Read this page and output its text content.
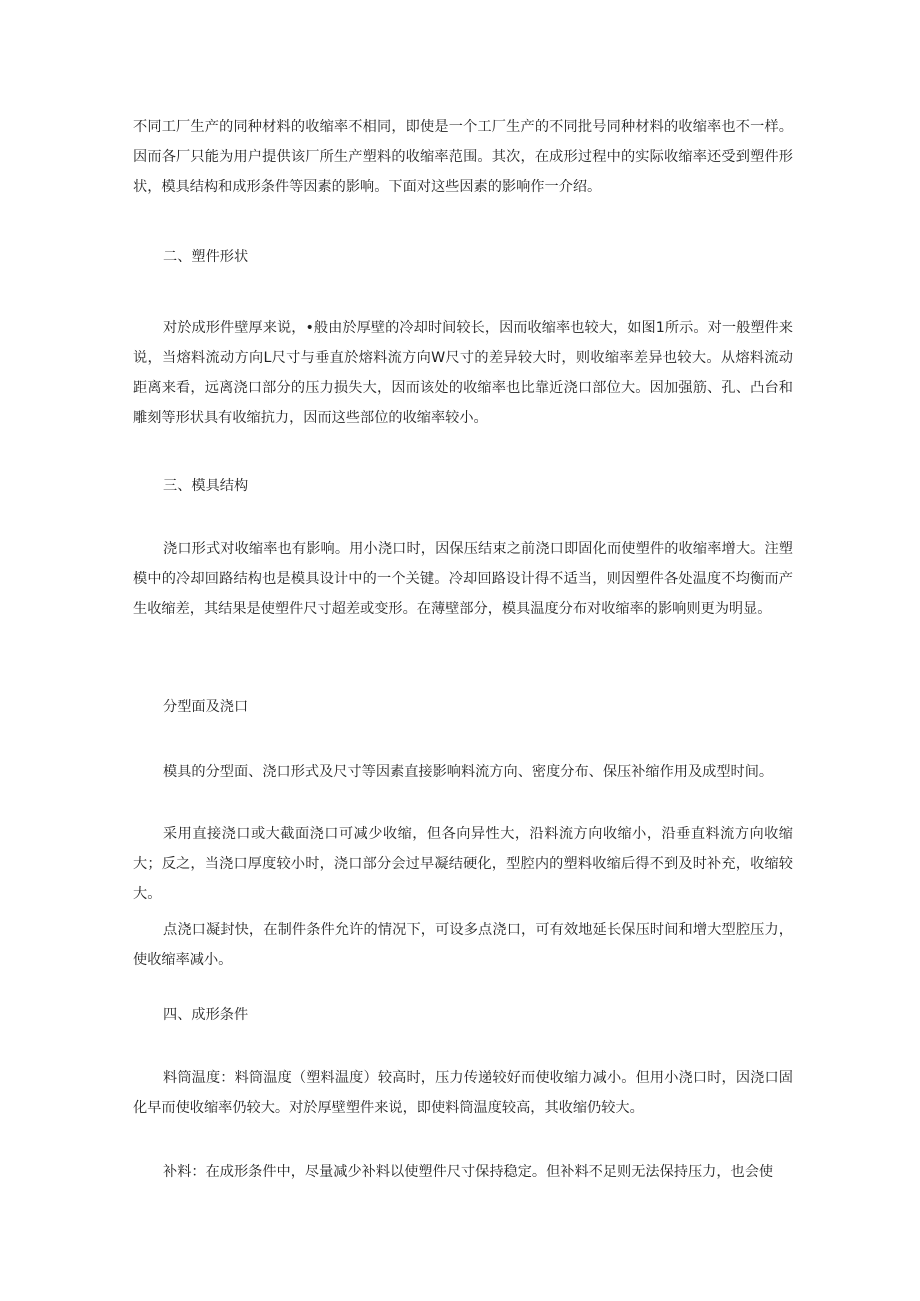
不同工厂生产的同种材料的收缩率不相同，即使是一个工厂生产的不同批号同种材料的收缩率也不一样。因而各厂只能为用户提供该厂所生产塑料的收缩率范围。其次，在成形过程中的实际收缩率还受到塑件形状，模具结构和成形条件等因素的影响。下面对这些因素的影响作一介绍。

二、塑件形状

对於成形件壁厚来说，•般由於厚壁的冷却时间较长，因而收缩率也较大，如图1所示。对一般塑件来说，当熔料流动方向L尺寸与垂直於熔料流方向W尺寸的差异较大时，则收缩率差异也较大。从熔料流动距离来看，远离浇口部分的压力损失大，因而该处的收缩率也比靠近浇口部位大。因加强筋、孔、凸台和雕刻等形状具有收缩抗力，因而这些部位的收缩率较小。

三、模具结构

浇口形式对收缩率也有影响。用小浇口时，因保压结束之前浇口即固化而使塑件的收缩率增大。注塑模中的冷却回路结构也是模具设计中的一个关键。冷却回路设计得不适当，则因塑件各处温度不均衡而产生收缩差，其结果是使塑件尺寸超差或变形。在薄壁部分，模具温度分布对收缩率的影响则更为明显。

分型面及浇口

模具的分型面、浇口形式及尺寸等因素直接影响料流方向、密度分布、保压补缩作用及成型时间。

采用直接浇口或大截面浇口可减少收缩，但各向异性大，沿料流方向收缩小，沿垂直料流方向收缩大；反之，当浇口厚度较小时，浇口部分会过早凝结硬化，型腔内的塑料收缩后得不到及时补充，收缩较大。

点浇口凝封快，在制件条件允许的情况下，可设多点浇口，可有效地延长保压时间和增大型腔压力，使收缩率减小。

四、成形条件

料筒温度：料筒温度（塑料温度）较高时，压力传递较好而使收缩力减小。但用小浇口时，因浇口固化早而使收缩率仍较大。对於厚壁塑件来说，即使料筒温度较高，其收缩仍较大。

补料：在成形条件中，尽量减少补料以使塑件尺寸保持稳定。但补料不足则无法保持压力，也会使
